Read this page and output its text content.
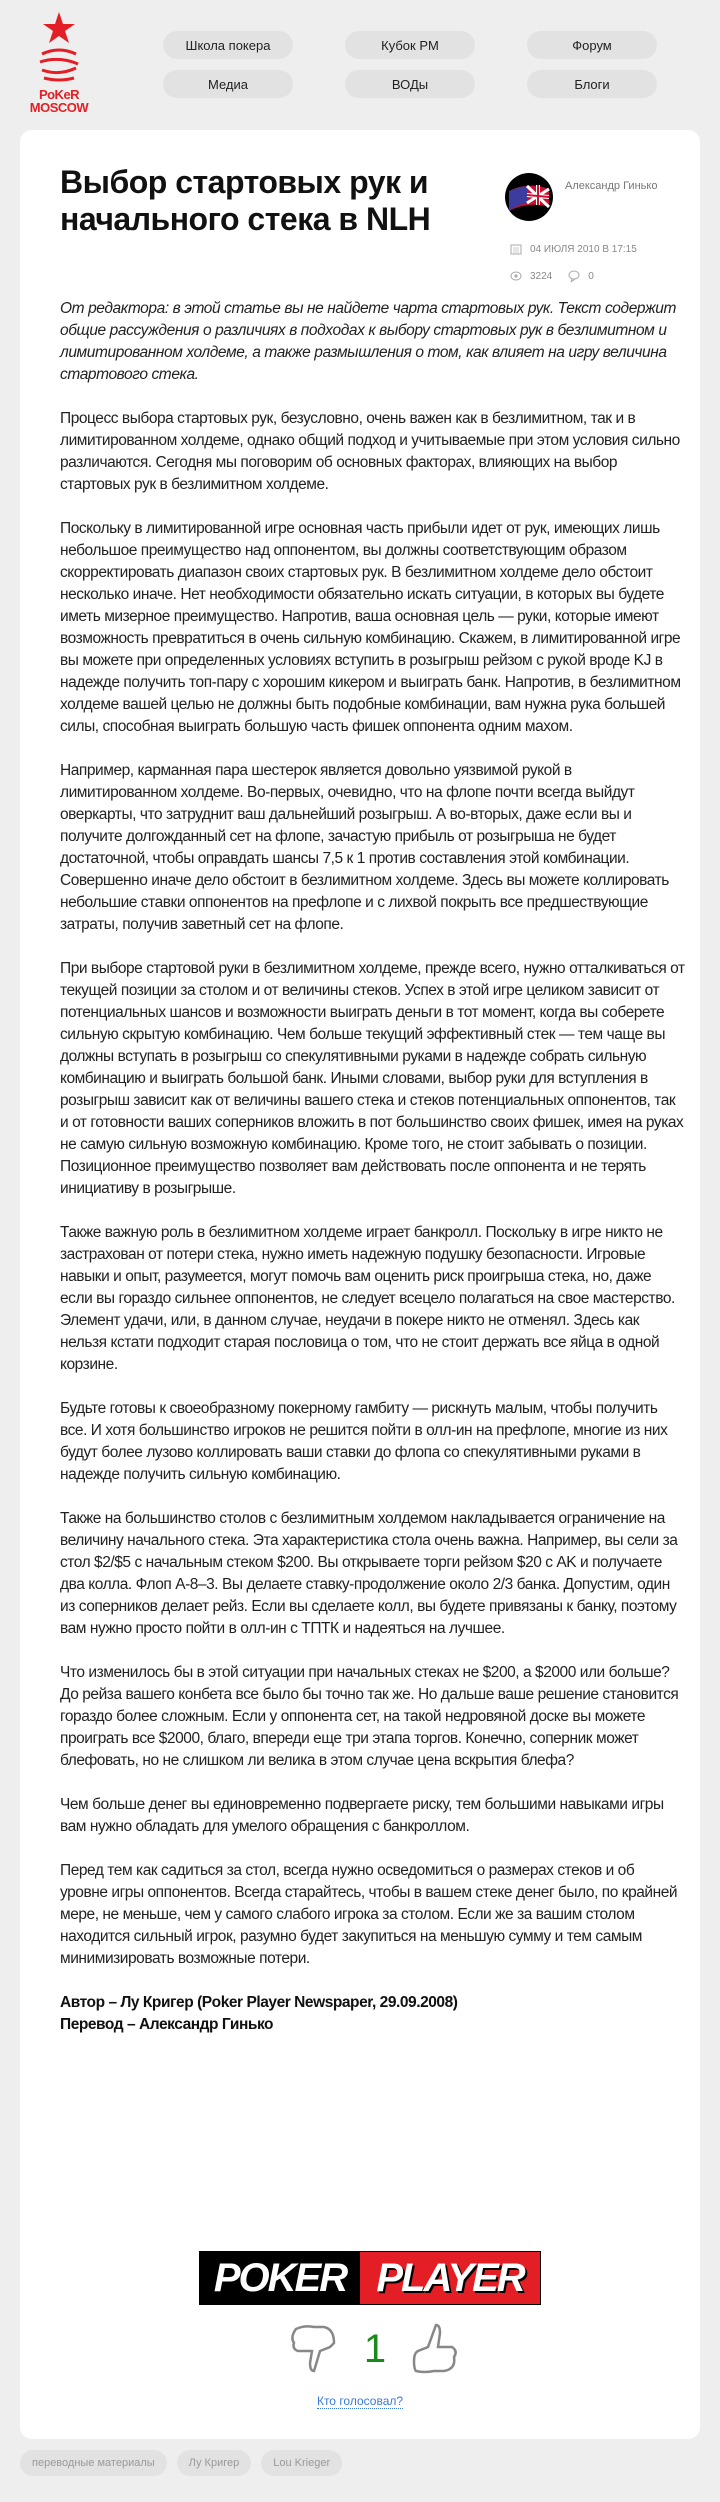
PoKeR
MOSCOW
Школа покера	Кубок PM	Форум
Медиа	ВОДы	Блоги
Выбор стартовых рук и начального стека в NLH
Александр Гинько
04 ИЮЛЯ 2010 В 17:15
3224	0

От редактора: в этой статье вы не найдете чарта стартовых рук. Текст содержит общие рассуждения о различиях в подходах к выбору стартовых рук в безлимитном и лимитированном холдеме, а также размышления о том, как влияет на игру величина стартового стека.

Процесс выбора стартовых рук, безусловно, очень важен как в безлимитном, так и в лимитированном холдеме, однако общий подход и учитываемые при этом условия сильно различаются. Сегодня мы поговорим об основных факторах, влияющих на выбор стартовых рук в безлимитном холдеме.

Поскольку в лимитированной игре основная часть прибыли идет от рук, имеющих лишь небольшое преимущество над оппонентом, вы должны соответствующим образом скорректировать диапазон своих стартовых рук. В безлимитном холдеме дело обстоит несколько иначе. Нет необходимости обязательно искать ситуации, в которых вы будете иметь мизерное преимущество. Напротив, ваша основная цель — руки, которые имеют возможность превратиться в очень сильную комбинацию. Скажем, в лимитированной игре вы можете при определенных условиях вступить в розыгрыш рейзом с рукой вроде KJ в надежде получить топ-пару с хорошим кикером и выиграть банк. Напротив, в безлимитном холдеме вашей целью не должны быть подобные комбинации, вам нужна рука большей силы, способная выиграть большую часть фишек оппонента одним махом.

Например, карманная пара шестерок является довольно уязвимой рукой в лимитированном холдеме. Во-первых, очевидно, что на флопе почти всегда выйдут оверкарты, что затруднит ваш дальнейший розыгрыш. А во-вторых, даже если вы и получите долгожданный сет на флопе, зачастую прибыль от розыгрыша не будет достаточной, чтобы оправдать шансы 7,5 к 1 против составления этой комбинации. Совершенно иначе дело обстоит в безлимитном холдеме. Здесь вы можете коллировать небольшие ставки оппонентов на префлопе и с лихвой покрыть все предшествующие затраты, получив заветный сет на флопе.

При выборе стартовой руки в безлимитном холдеме, прежде всего, нужно отталкиваться от текущей позиции за столом и от величины стеков. Успех в этой игре целиком зависит от потенциальных шансов и возможности выиграть деньги в тот момент, когда вы соберете сильную скрытую комбинацию. Чем больше текущий эффективный стек — тем чаще вы должны вступать в розыгрыш со спекулятивными руками в надежде собрать сильную комбинацию и выиграть большой банк. Иными словами, выбор руки для вступления в розыгрыш зависит как от величины вашего стека и стеков потенциальных оппонентов, так и от готовности ваших соперников вложить в пот большинство своих фишек, имея на руках не самую сильную возможную комбинацию. Кроме того, не стоит забывать о позиции. Позиционное преимущество позволяет вам действовать после оппонента и не терять инициативу в розыгрыше.

Также важную роль в безлимитном холдеме играет банкролл. Поскольку в игре никто не застрахован от потери стека, нужно иметь надежную подушку безопасности. Игровые навыки и опыт, разумеется, могут помочь вам оценить риск проигрыша стека, но, даже если вы гораздо сильнее оппонентов, не следует всецело полагаться на свое мастерство. Элемент удачи, или, в данном случае, неудачи в покере никто не отменял. Здесь как нельзя кстати подходит старая пословица о том, что не стоит держать все яйца в одной корзине.

Будьте готовы к своеобразному покерному гамбиту — рискнуть малым, чтобы получить все. И хотя большинство игроков не решится пойти в олл-ин на префлопе, многие из них будут более лузово коллировать ваши ставки до флопа со спекулятивными руками в надежде получить сильную комбинацию.

Также на большинство столов с безлимитным холдемом накладывается ограничение на величину начального стека. Эта характеристика стола очень важна. Например, вы сели за стол $2/$5 с начальным стеком $200. Вы открываете торги рейзом $20 с AK и получаете два колла. Флоп A-8–3. Вы делаете ставку-продолжение около 2/3 банка. Допустим, один из соперников делает рейз. Если вы сделаете колл, вы будете привязаны к банку, поэтому вам нужно просто пойти в олл-ин с ТПТК и надеяться на лучшее.

Что изменилось бы в этой ситуации при начальных стеках не $200, а $2000 или больше? До рейза вашего конбета все было бы точно так же. Но дальше ваше решение становится гораздо более сложным. Если у оппонента сет, на такой недровяной доске вы можете проиграть все $2000, благо, впереди еще три этапа торгов. Конечно, соперник может блефовать, но не слишком ли велика в этом случае цена вскрытия блефа?

Чем больше денег вы единовременно подвергаете риску, тем большими навыками игры вам нужно обладать для умелого обращения с банкроллом.

Перед тем как садиться за стол, всегда нужно осведомиться о размерах стеков и об уровне игры оппонентов. Всегда старайтесь, чтобы в вашем стеке денег было, по крайней мере, не меньше, чем у самого слабого игрока за столом. Если же за вашим столом находится сильный игрок, разумно будет закупиться на меньшую сумму и тем самым минимизировать возможные потери.

Автор – Лу Кригер (Poker Player Newspaper, 29.09.2008)

Перевод – Александр Гинько

POKER PLAYER
1
Кто голосовал?
переводные материалы	Лу Кригер	Lou Krieger
